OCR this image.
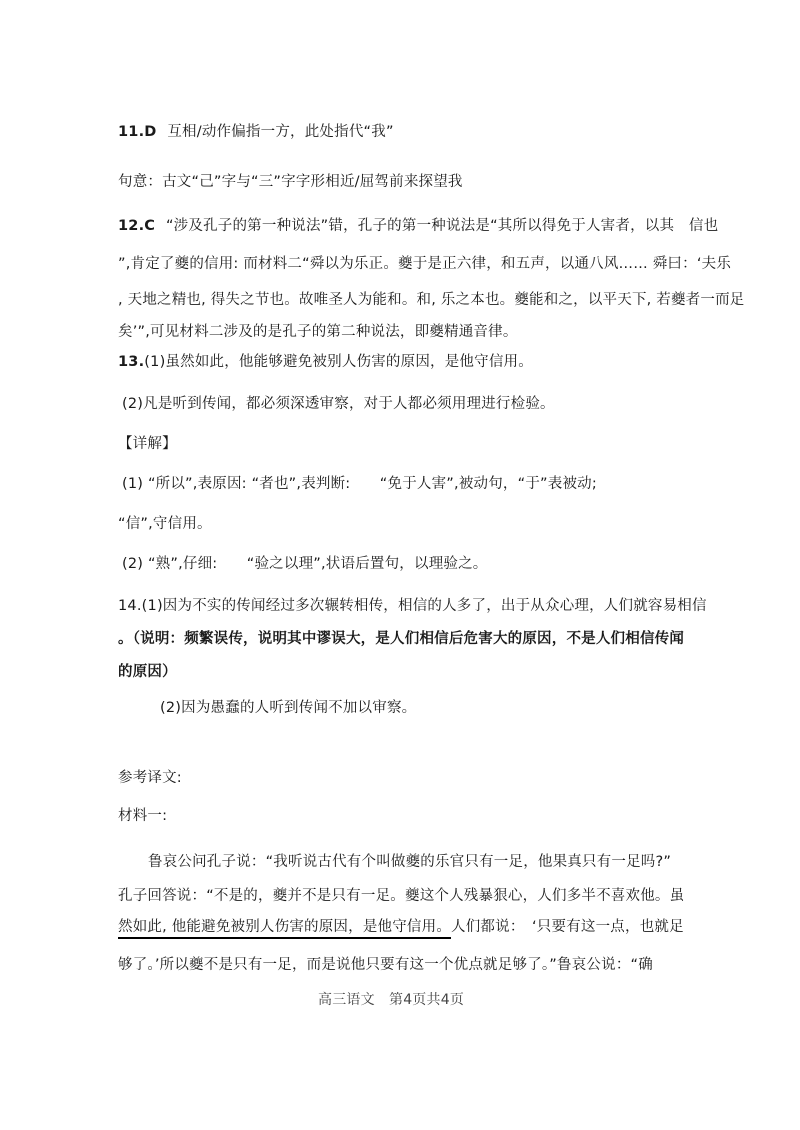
11.D 互相/动作偏指一方，此处指代“我”
句意：古文“己”字与“三”字字形相近/屈驾前来探望我
12.C “涉及孔子的第一种说法”错，孔子的第一种说法是“其所以得免于人害者，以其　信也
”,肯定了夔的信用: 而材料二“舜以为乐正。夔于是正六律，和五声，以通八风…… 舜曰：‘夫乐
, 天地之精也, 得失之节也。故唯圣人为能和。和, 乐之本也。夔能和之，以平天下, 若夔者一而足
矣’”,可见材料二涉及的是孔子的第二种说法，即夔精通音律。
13.(1)虽然如此，他能够避免被别人伤害的原因，是他守信用。
(2)凡是听到传闻，都必须深透审察，对于人都必须用理进行检验。
【详解】
(1) “所以”,表原因: “者也”,表判断:　　“免于人害”,被动句，“于”表被动;
“信”,守信用。
(2) “熟”,仔细:　　“验之以理”,状语后置句，以理验之。
14.(1)因为不实的传闻经过多次辗转相传，相信的人多了，出于从众心理，人们就容易相信
。（说明：频繁误传，说明其中谬误大，是人们相信后危害大的原因，不是人们相信传闻
的原因）
(2)因为愚蠢的人听到传闻不加以审察。
参考译文:
材料一:
鲁哀公问孔子说：“我听说古代有个叫做夔的乐官只有一足，他果真只有一足吗?”
孔子回答说：“不是的，夔并不是只有一足。夔这个人残暴狠心，人们多半不喜欢他。虽
然如此, 他能避免被别人伤害的原因，是他守信用。人们都说：　‘只要有这一点，也就足
够了。’所以夔不是只有一足，而是说他只要有这一个优点就足够了。”鲁哀公说：“确
高三语文　第4页共4页
